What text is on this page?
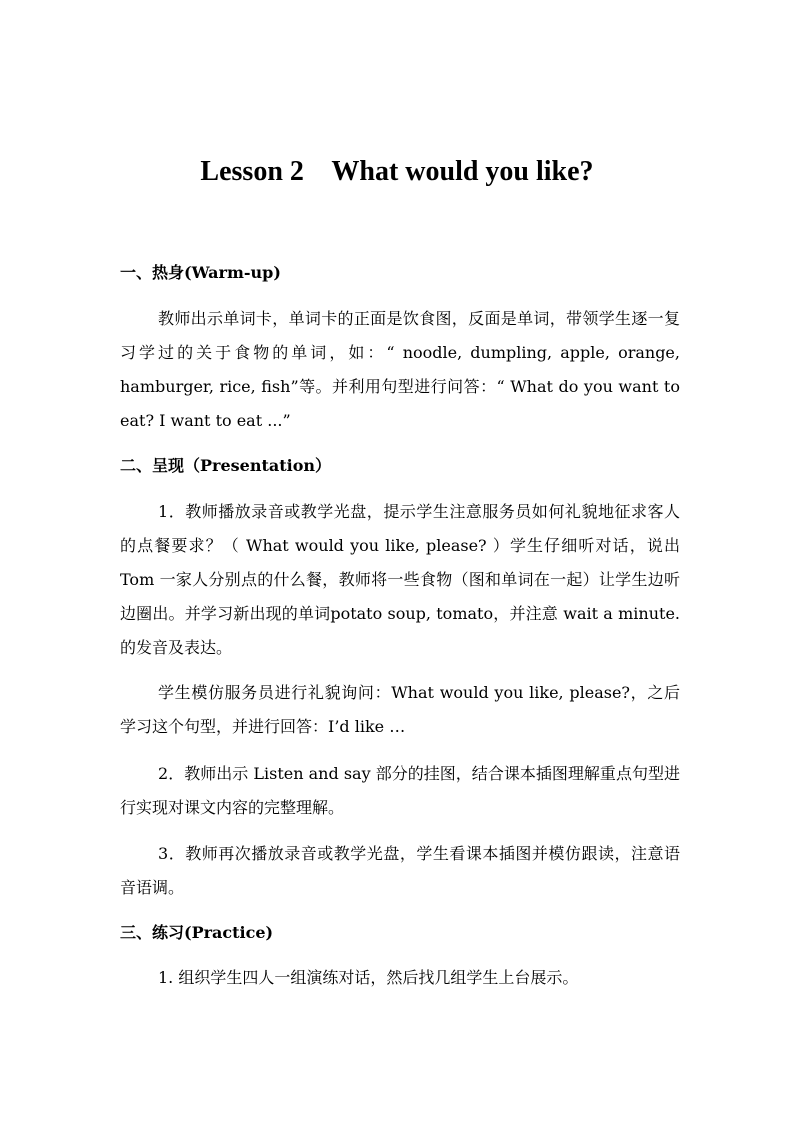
Lesson 2    What would you like?
一、热身(Warm-up)

教师出示单词卡，单词卡的正面是饮食图，反面是单词，带领学生逐一复习学过的关于食物的单词，如：“ noodle, dumpling, apple, orange, hamburger, rice, fish”等。并利用句型进行问答：“ What do you want to eat? I want to eat ...”

二、呈现（Presentation）

1．教师播放录音或教学光盘，提示学生注意服务员如何礼貌地征求客人的点餐要求？（ What would you like, please? ）学生仔细听对话，说出 Tom 一家人分别点的什么餐，教师将一些食物（图和单词在一起）让学生边听边圈出。并学习新出现的单词potato soup, tomato，并注意 wait a minute. 的发音及表达。

学生模仿服务员进行礼貌询问：What would you like, please?，之后学习这个句型，并进行回答：I’d like …

2．教师出示 Listen and say 部分的挂图，结合课本插图理解重点句型进行实现对课文内容的完整理解。

3．教师再次播放录音或教学光盘，学生看课本插图并模仿跟读，注意语音语调。

三、练习(Practice)

1. 组织学生四人一组演练对话，然后找几组学生上台展示。
